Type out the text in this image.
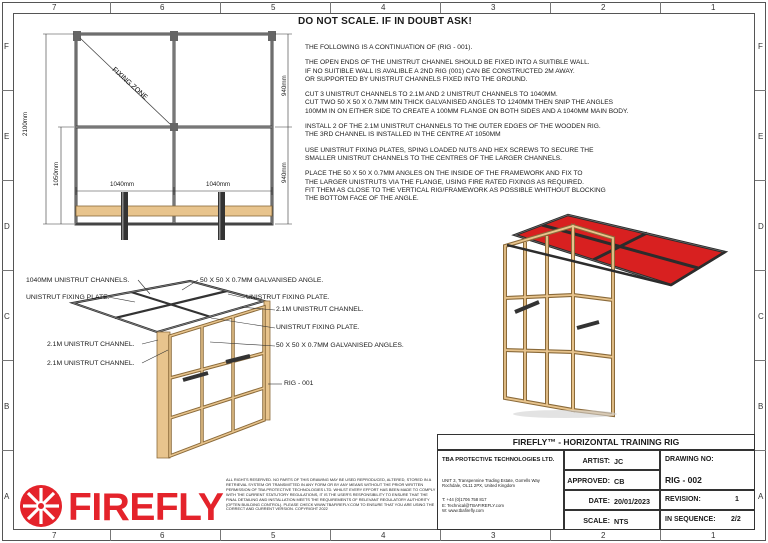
7	6	5	4	3	2	1
7	6	5	4	3	2	1
F
E
D
C
B
A
F
E
D
C
B
A
DO NOT SCALE. IF IN DOUBT ASK!
FIXING ZONE
2100mm
1050mm
940mm
940mm
1040mm	1040mm

THE FOLLOWING IS A CONTINUATION OF (RIG - 001).

THE OPEN ENDS OF THE UNISTRUT CHANNEL SHOULD BE FIXED INTO A SUITIBLE WALL.
IF NO SUITIBLE WALL IS AVALIBLE A 2ND RIG (001) CAN BE CONSTRUCTED 2M AWAY.
OR SUPPORTED BY UNISTRUT CHANNELS FIXED INTO THE GROUND.

CUT 3 UNISTRUT CHANNELS TO 2.1M AND 2 UNISTRUT CHANNELS TO 1040MM.
CUT TWO 50 X 50 X 0.7MM MIN THICK GALVANISED ANGLES TO 1240MM THEN SNIP THE ANGLES
100MM IN ON EITHER SIDE TO CREATE A 100MM FLANGE ON BOTH SIDES AND A 1040MM MAIN BODY.

INSTALL 2 OF THE 2.1M UNISTRUT CHANNELS TO THE OUTER EDGES OF THE WOODEN RIG.
THE 3RD CHANNEL IS INSTALLED IN THE CENTRE AT 1050MM

USE UNISTRUT FIXING PLATES, SPING LOADED NUTS AND HEX SCREWS TO SECURE THE
SMALLER UNISTRUT CHANNELS TO THE CENTRES OF THE LARGER CHANNELS.

PLACE THE 50 X 50 X 0.7MM ANGLES ON THE INSIDE OF THE FRAMEWORK AND FIX TO
THE LARGER UNISTRUTS VIA THE FLANGE, USING FIRE RATED FIXINGS AS REQUIRED.
FIT THEM AS CLOSE TO THE VERTICAL RIG/FRAMEWORK AS POSSIBLE WHITHOUT BLOCKING
THE BOTTOM FACE OF THE ANGLE.

1040MM UNISTRUT CHANNELS.	50 X 50 X 0.7MM GALVANISED ANGLE.
UNISTRUT FIXING PLATE.	UNISTRUT FIXING PLATE.
2.1M UNISTRUT CHANNEL.
UNISTRUT FIXING PLATE.
50 X 50 X 0.7MM GALVANISED ANGLES.
2.1M UNISTRUT CHANNEL.
2.1M UNISTRUT CHANNEL.
RIG - 001
FIREFLY
ALL RIGHTS RESERVED. NO PARTS OF THIS DRAWING MAY BE USED REPRODUCED, ALTERED, STORED IN A RETRIEVAL SYSTEM OR TRANSMITTED IN ANY FORM OR BY ANY MEANS WITHOUT THE PRIOR WRITTEN PERMISSION OF TBA PROTECTIVE TECHNOLOGIES LTD. WHILST EVERY EFFORT HAS BEEN MADE TO COMPLY WITH THE CURRENT STATUTORY REGULATIONS, IT IS THE USER'S RESPONSIBILITY TO ENSURE THAT THE FINAL DETAILING AND INSTALLATION MEETS THE REQUIREMENTS OF RELEVANT REGULATORY AUTHORITY (OFTEN BUILDING CONTROL). PLEASE CHECK WWW.TBAFIREFLY.COM TO ENSURE THAT YOU ARE USING THE CORRECT AND CURRENT VERSION. COPYRIGHT 2022
FIREFLY™ - HORIZONTAL TRAINING RIG
TBA PROTECTIVE TECHNOLOGIES LTD.
UNIT 3, Transpennine Trading Estate, Gorrells Way
Rochdale, OL11 2PX, United Kingdom
T: +44 (0)1706 758 817
E: Technical@TBAFIREFLY.com
W: www.tbafirefly.com
ARTIST: JC
APPROVED: CB
DATE: 20/01/2023
SCALE: NTS
DRAWING NO:
RIG - 002
REVISION:	1
IN SEQUENCE: 2/2
